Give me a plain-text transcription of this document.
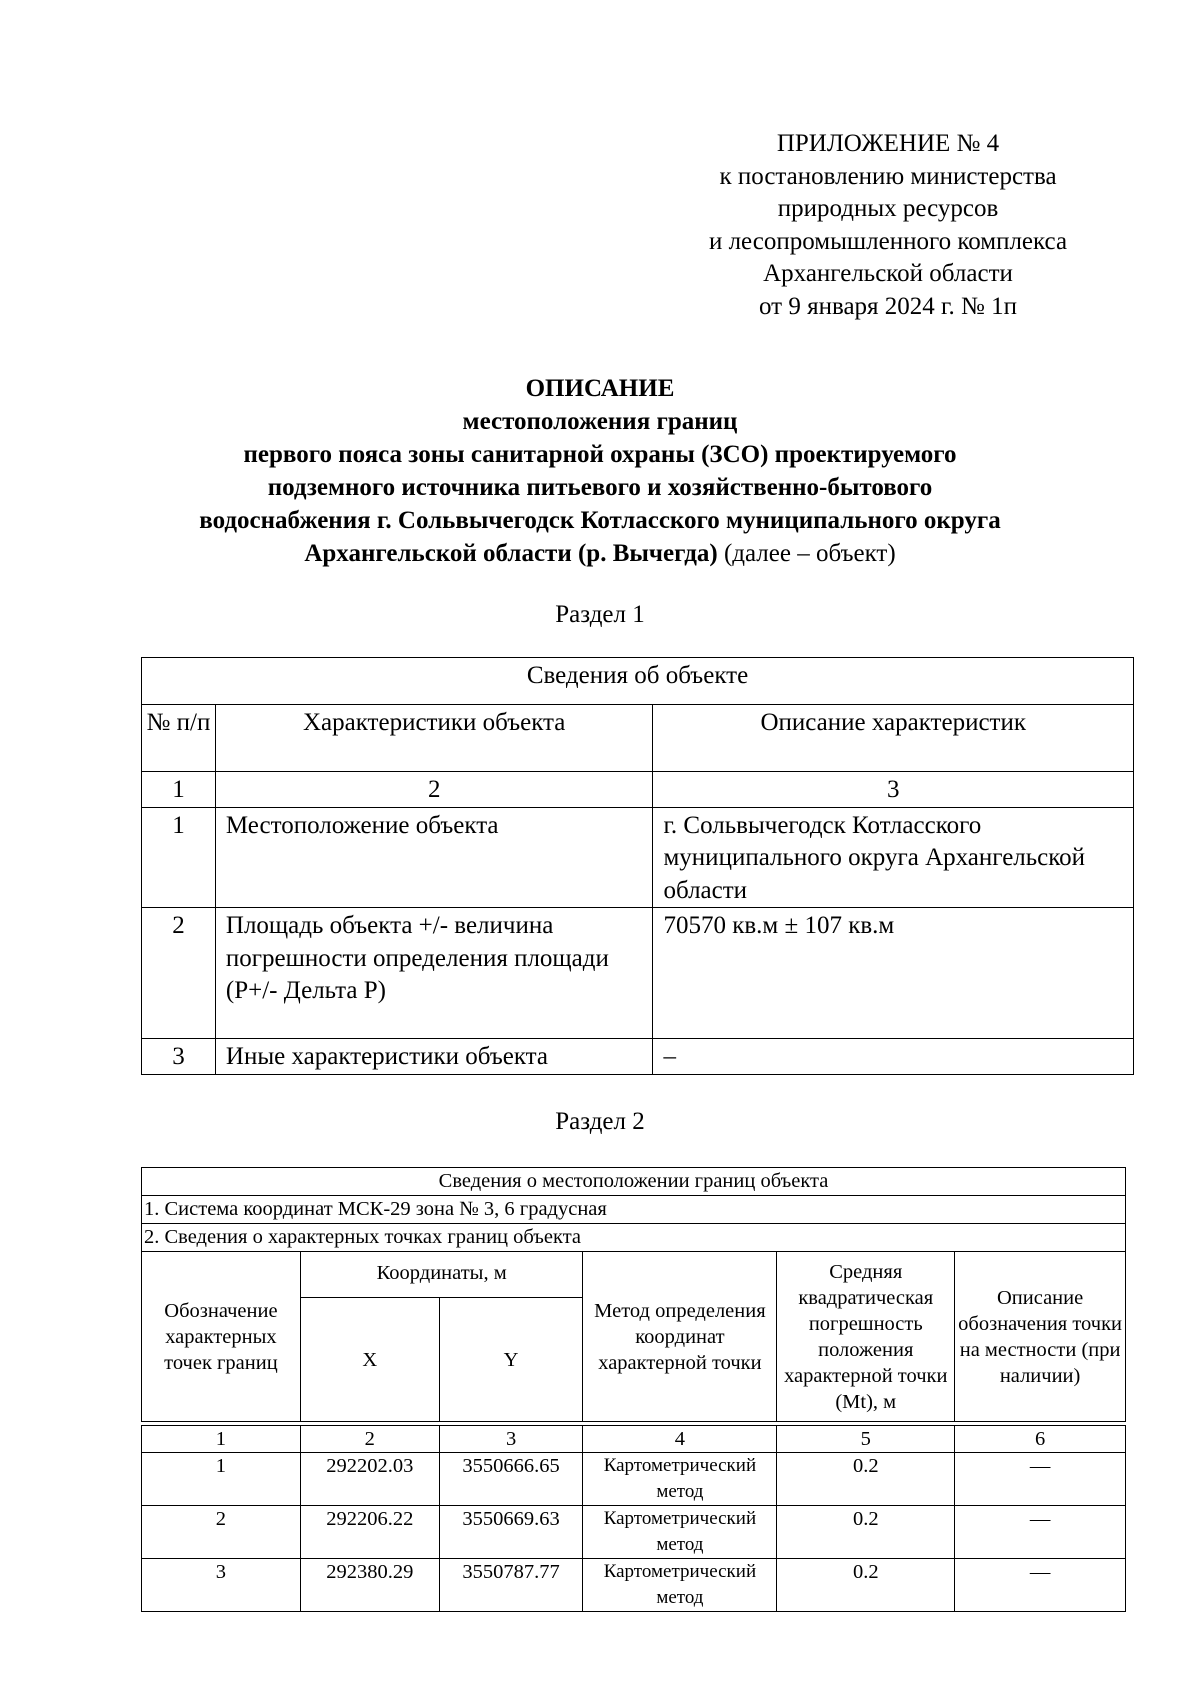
ПРИЛОЖЕНИЕ № 4
к постановлению министерства
природных ресурсов
и лесопромышленного комплекса
Архангельской области
от 9 января 2024 г. № 1п
ОПИСАНИЕ
местоположения границ
первого пояса зоны санитарной охраны (ЗСО) проектируемого
подземного источника питьевого и хозяйственно-бытового
водоснабжения г. Сольвычегодск Котласского муниципального округа
Архангельской области (р. Вычегда) (далее – объект)
Раздел 1
Сведения об объекте		
№ п/п	Характеристики объекта	Описание характеристик
1	2	3
1	Местоположение объекта	г. Сольвычегодск Котласского муниципального округа Архангельской области
2	Площадь объекта +/- величина погрешности определения площади (Р+/- Дельта Р)	70570 кв.м ± 107 кв.м
3	Иные характеристики объекта	–
Раздел 2
Сведения о местоположении границ объекта					
1. Система координат МСК-29 зона № 3, 6 градусная					
2. Сведения о характерных точках границ объекта					
Обозначение характерных точек границ	Координаты, м		Метод определения координат характерной точки	Средняя квадратическая погрешность положения характерной точки (Mt), м	Описание обозначения точки на местности (при наличии)
	X	Y			

1	2	3	4	5	6
1	292202.03	3550666.65	Картометрический метод	0.2	—
2	292206.22	3550669.63	Картометрический метод	0.2	—
3	292380.29	3550787.77	Картометрический метод	0.2	—
